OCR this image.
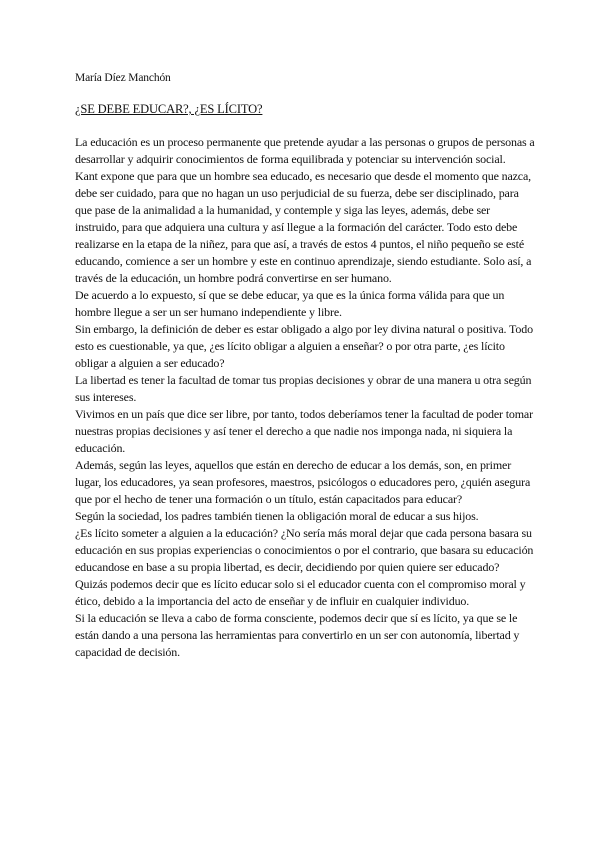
María Díez Manchón

¿SE DEBE EDUCAR?, ¿ES LÍCITO?

La educación es un proceso permanente que pretende ayudar a las personas o grupos de personas a desarrollar y adquirir conocimientos de forma equilibrada y potenciar su intervención social.

Kant expone que para que un hombre sea educado, es necesario que desde el momento que nazca, debe ser cuidado, para que no hagan un uso perjudicial de su fuerza, debe ser disciplinado, para que pase de la animalidad a la humanidad, y contemple y siga las leyes, además, debe ser instruido, para que adquiera una cultura y así llegue a la formación del carácter. Todo esto debe realizarse en la etapa de la niñez, para que así, a través de estos 4 puntos, el niño pequeño se esté educando, comience a ser un hombre y este en continuo aprendizaje, siendo estudiante. Solo así, a través de la educación, un hombre podrá convertirse en ser humano.

De acuerdo a lo expuesto, sí que se debe educar, ya que es la única forma válida para que un hombre llegue a ser un ser humano independiente y libre.

Sin embargo, la definición de deber es estar obligado a algo por ley divina natural o positiva. Todo esto es cuestionable, ya que, ¿es lícito obligar a alguien a enseñar? o por otra parte, ¿es lícito obligar a alguien a ser educado?

La libertad es tener la facultad de tomar tus propias decisiones y obrar de una manera u otra según sus intereses.

Vivimos en un país que dice ser libre, por tanto, todos deberíamos tener la facultad de poder tomar nuestras propias decisiones y así tener el derecho a que nadie nos imponga nada, ni siquiera la educación.

Además, según las leyes, aquellos que están en derecho de educar a los demás, son, en primer lugar, los educadores, ya sean profesores, maestros, psicólogos o educadores pero, ¿quién asegura que por el hecho de tener una formación o un título, están capacitados para educar?

Según la sociedad, los padres también tienen la obligación moral de educar a sus hijos.

¿Es lícito someter a alguien a la educación? ¿No sería más moral dejar que cada persona basara su educación en sus propias experiencias o conocimientos o por el contrario, que basara su educación educandose en base a su propia libertad, es decir, decidiendo por quien quiere ser educado?

Quizás podemos decir que es lícito educar solo si el educador cuenta con el compromiso moral y ético, debido a la importancia del acto de enseñar y de influir en cualquier individuo.

Si la educación se lleva a cabo de forma consciente, podemos decir que sí es lícito, ya que se le están dando a una persona las herramientas para convertirlo en un ser con autonomía, libertad y capacidad de decisión.
